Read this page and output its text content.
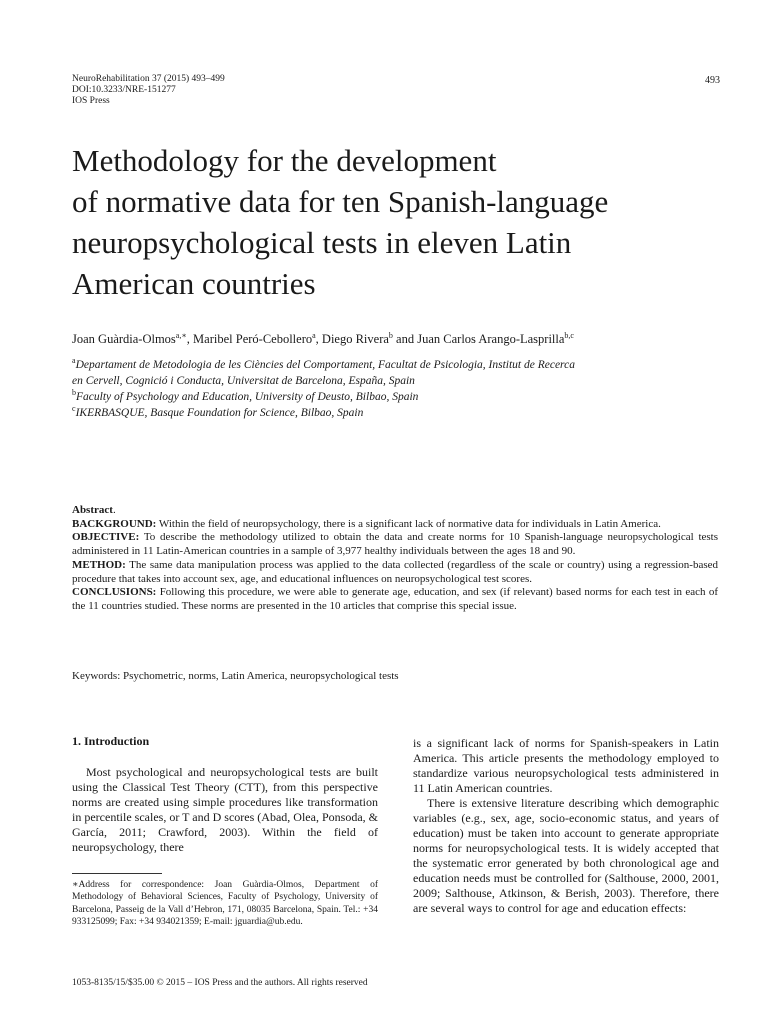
NeuroRehabilitation 37 (2015) 493–499
DOI:10.3233/NRE-151277
IOS Press
493
Methodology for the development
of normative data for ten Spanish-language
neuropsychological tests in eleven Latin
American countries
Joan Guàrdia-Olmos$^{a,∗}$, Maribel Peró-Cebollero$^a$, Diego Rivera$^b$ and Juan Carlos Arango-Lasprilla$^{b,c}$
$^a$Departament de Metodologia de les Ciències del Comportament, Facultat de Psicologia, Institut de Recerca
en Cervell, Cognició i Conducta, Universitat de Barcelona, España, Spain
$^b$Faculty of Psychology and Education, University of Deusto, Bilbao, Spain
$^c$IKERBASQUE, Basque Foundation for Science, Bilbao, Spain

Abstract.

BACKGROUND: Within the field of neuropsychology, there is a significant lack of normative data for individuals in Latin America.

OBJECTIVE: To describe the methodology utilized to obtain the data and create norms for 10 Spanish-language neuropsychological tests administered in 11 Latin-American countries in a sample of 3,977 healthy individuals between the ages 18 and 90.

METHOD: The same data manipulation process was applied to the data collected (regardless of the scale or country) using a regression-based procedure that takes into account sex, age, and educational influences on neuropsychological test scores.

CONCLUSIONS: Following this procedure, we were able to generate age, education, and sex (if relevant) based norms for each test in each of the 11 countries studied. These norms are presented in the 10 articles that comprise this special issue.

Keywords: Psychometric, norms, Latin America, neuropsychological tests

1. Introduction

Most psychological and neuropsychological tests are built using the Classical Test Theory (CTT), from this perspective norms are created using simple procedures like transformation in percentile scales, or T and D scores (Abad, Olea, Ponsoda, & García, 2011; Crawford, 2003). Within the field of neuropsychology, there

∗Address for correspondence: Joan Guàrdia-Olmos, Department of Methodology of Behavioral Sciences, Faculty of Psychology, University of Barcelona, Passeig de la Vall d’Hebron, 171, 08035 Barcelona, Spain. Tel.: +34 933125099; Fax: +34 934021359; E-mail: jguardia@ub.edu.

is a significant lack of norms for Spanish-speakers in Latin America. This article presents the methodology employed to standardize various neuropsychological tests administered in 11 Latin American countries.

There is extensive literature describing which demographic variables (e.g., sex, age, socio-economic status, and years of education) must be taken into account to generate appropriate norms for neuropsychological tests. It is widely accepted that the systematic error generated by both chronological age and education needs must be controlled for (Salthouse, 2000, 2001, 2009; Salthouse, Atkinson, & Berish, 2003). Therefore, there are several ways to control for age and education effects:

1053-8135/15/$35.00 © 2015 – IOS Press and the authors. All rights reserved
